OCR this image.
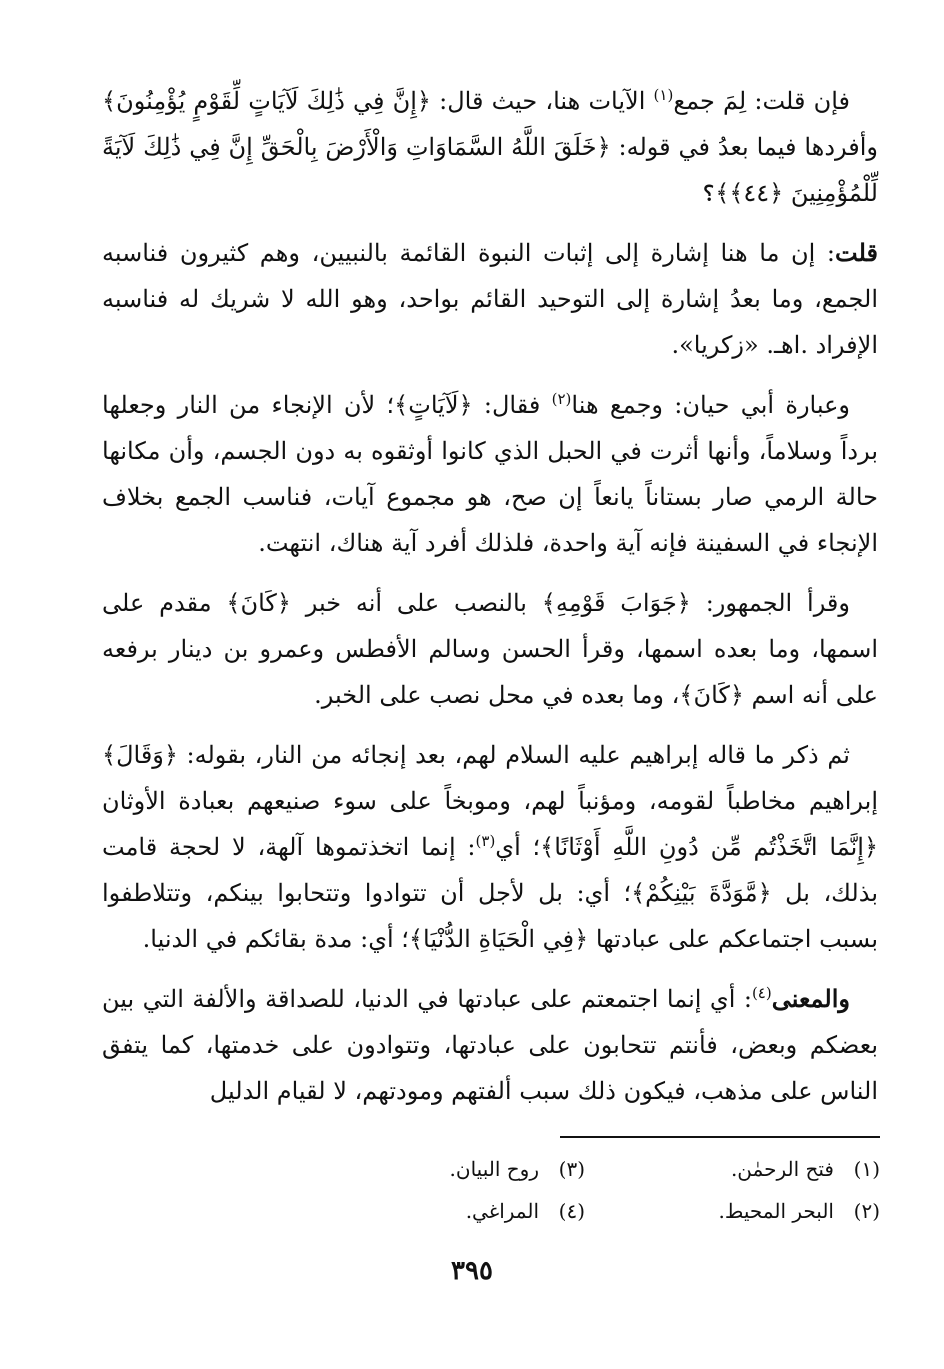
فإن قلت: لِمَ جمع$^{(١)}$ الآيات هنا، حيث قال: ﴿إِنَّ فِي ذَٰلِكَ لَآيَاتٍ لِّقَوْمٍ يُؤْمِنُونَ﴾ وأفردها فيما بعدُ في قوله: ﴿خَلَقَ اللَّهُ السَّمَاوَاتِ وَالْأَرْضَ بِالْحَقِّ إِنَّ فِي ذَٰلِكَ لَآيَةً لِّلْمُؤْمِنِينَ ﴿٤٤﴾﴾؟

قلت: إن ما هنا إشارة إلى إثبات النبوة القائمة بالنبيين، وهم كثيرون فناسبه الجمع، وما بعدُ إشارة إلى التوحيد القائم بواحد، وهو الله لا شريك له فناسبه الإفراد .اهـ. «زكريا».

وعبارة أبي حيان: وجمع هنا$^{(٢)}$ فقال: ﴿لَآيَاتٍ﴾؛ لأن الإنجاء من النار وجعلها برداً وسلاماً، وأنها أثرت في الحبل الذي كانوا أوثقوه به دون الجسم، وأن مكانها حالة الرمي صار بستاناً يانعاً إن صح، هو مجموع آيات، فناسب الجمع بخلاف الإنجاء في السفينة فإنه آية واحدة، فلذلك أفرد آية هناك، انتهت.

وقرأ الجمهور: ﴿جَوَابَ قَوْمِهِ﴾ بالنصب على أنه خبر ﴿كَانَ﴾ مقدم على اسمها، وما بعده اسمها، وقرأ الحسن وسالم الأفطس وعمرو بن دينار برفعه على أنه اسم ﴿كَانَ﴾، وما بعده في محل نصب على الخبر.

ثم ذكر ما قاله إبراهيم عليه السلام لهم، بعد إنجائه من النار، بقوله: ﴿وَقَالَ﴾ إبراهيم مخاطباً لقومه، ومؤنباً لهم، وموبخاً على سوء صنيعهم بعبادة الأوثان ﴿إِنَّمَا اتَّخَذْتُم مِّن دُونِ اللَّهِ أَوْثَانًا﴾؛ أي$^{(٣)}$: إنما اتخذتموها آلهة، لا لحجة قامت بذلك، بل ﴿مَّوَدَّةَ بَيْنِكُمْ﴾؛ أي: بل لأجل أن تتوادوا وتتحابوا بينكم، وتتلاطفوا بسبب اجتماعكم على عبادتها ﴿فِي الْحَيَاةِ الدُّنْيَا﴾؛ أي: مدة بقائكم في الدنيا.

والمعنى$^{(٤)}$: أي إنما اجتمعتم على عبادتها في الدنيا، للصداقة والألفة التي بين بعضكم وبعض، فأنتم تتحابون على عبادتها، وتتوادون على خدمتها، كما يتفق الناس على مذهب، فيكون ذلك سبب ألفتهم ومودتهم، لا لقيام الدليل

(١)فتح الرحمٰن.
(٣)روح البيان.
(٢)البحر المحيط.
(٤)المراغي.
٣٩٥
